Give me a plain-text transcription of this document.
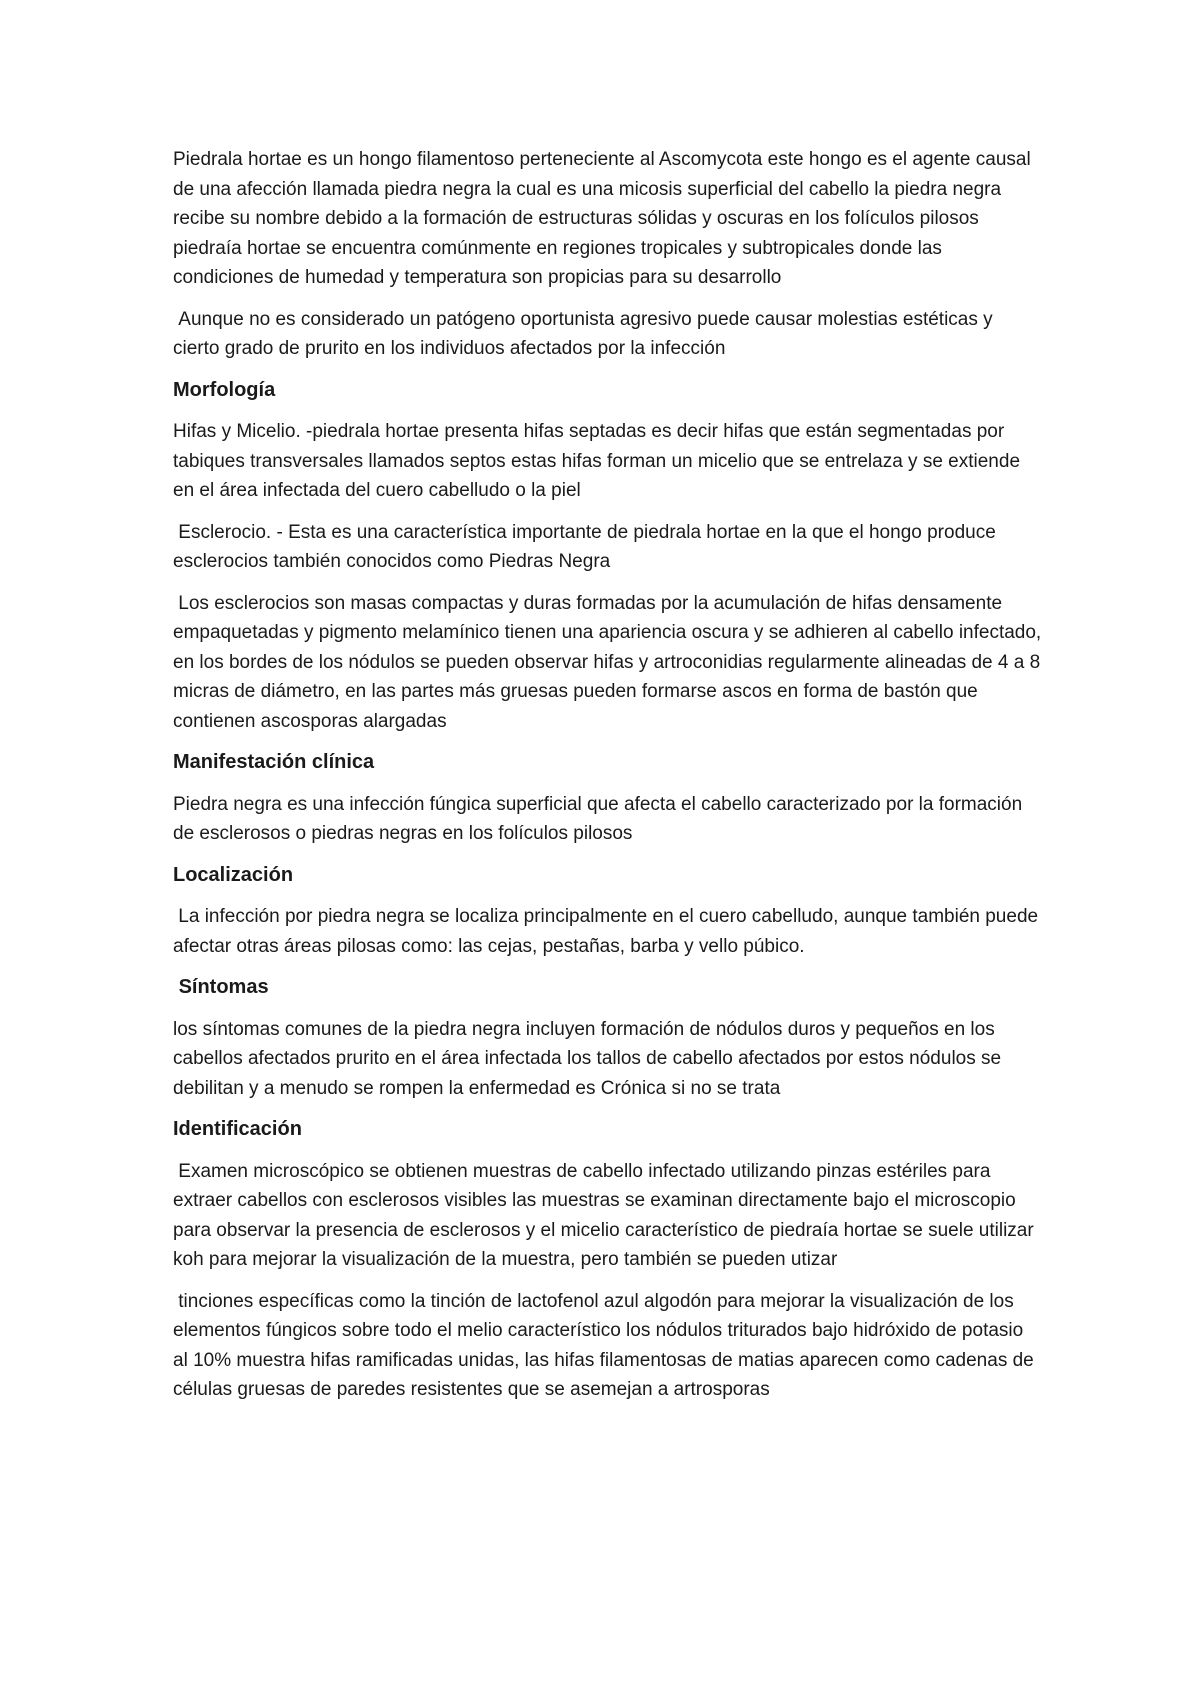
Piedrala hortae es un hongo filamentoso perteneciente al Ascomycota este hongo es el agente causal de una afección llamada piedra negra la cual es una micosis superficial del cabello la piedra negra recibe su nombre debido a la formación de estructuras sólidas y oscuras en los folículos pilosos piedraía hortae se encuentra comúnmente en regiones tropicales y subtropicales donde las condiciones de humedad y temperatura son propicias para su desarrollo

Aunque no es considerado un patógeno oportunista agresivo puede causar molestias estéticas y cierto grado de prurito en los individuos afectados por la infección

Morfología

Hifas y Micelio. -piedrala hortae presenta hifas septadas es decir hifas que están segmentadas por tabiques transversales llamados septos estas hifas forman un micelio que se entrelaza y se extiende en el área infectada del cuero cabelludo o la piel

Esclerocio. - Esta es una característica importante de piedrala hortae en la que el hongo produce esclerocios también conocidos como Piedras Negra

Los esclerocios son masas compactas y duras formadas por la acumulación de hifas densamente empaquetadas y pigmento melamínico tienen una apariencia oscura y se adhieren al cabello infectado, en los bordes de los nódulos se pueden observar hifas y artroconidias regularmente alineadas de 4 a 8 micras de diámetro, en las partes más gruesas pueden formarse ascos en forma de bastón que contienen ascosporas alargadas

Manifestación clínica

Piedra negra es una infección fúngica superficial que afecta el cabello caracterizado por la formación de esclerosos o piedras negras en los folículos pilosos

Localización

La infección por piedra negra se localiza principalmente en el cuero cabelludo, aunque también puede afectar otras áreas pilosas como: las cejas, pestañas, barba y vello púbico.

Síntomas

los síntomas comunes de la piedra negra incluyen formación de nódulos duros y pequeños en los cabellos afectados prurito en el área infectada los tallos de cabello afectados por estos nódulos se debilitan y a menudo se rompen la enfermedad es Crónica si no se trata

Identificación

Examen microscópico se obtienen muestras de cabello infectado utilizando pinzas estériles para extraer cabellos con esclerosos visibles las muestras se examinan directamente bajo el microscopio para observar la presencia de esclerosos y el micelio característico de piedraía hortae se suele utilizar koh para mejorar la visualización de la muestra, pero también se pueden utizar

tinciones específicas como la tinción de lactofenol azul algodón para mejorar la visualización de los elementos fúngicos sobre todo el melio característico los nódulos triturados bajo hidróxido de potasio al 10% muestra hifas ramificadas unidas, las hifas filamentosas de matias aparecen como cadenas de células gruesas de paredes resistentes que se asemejan a artrosporas
